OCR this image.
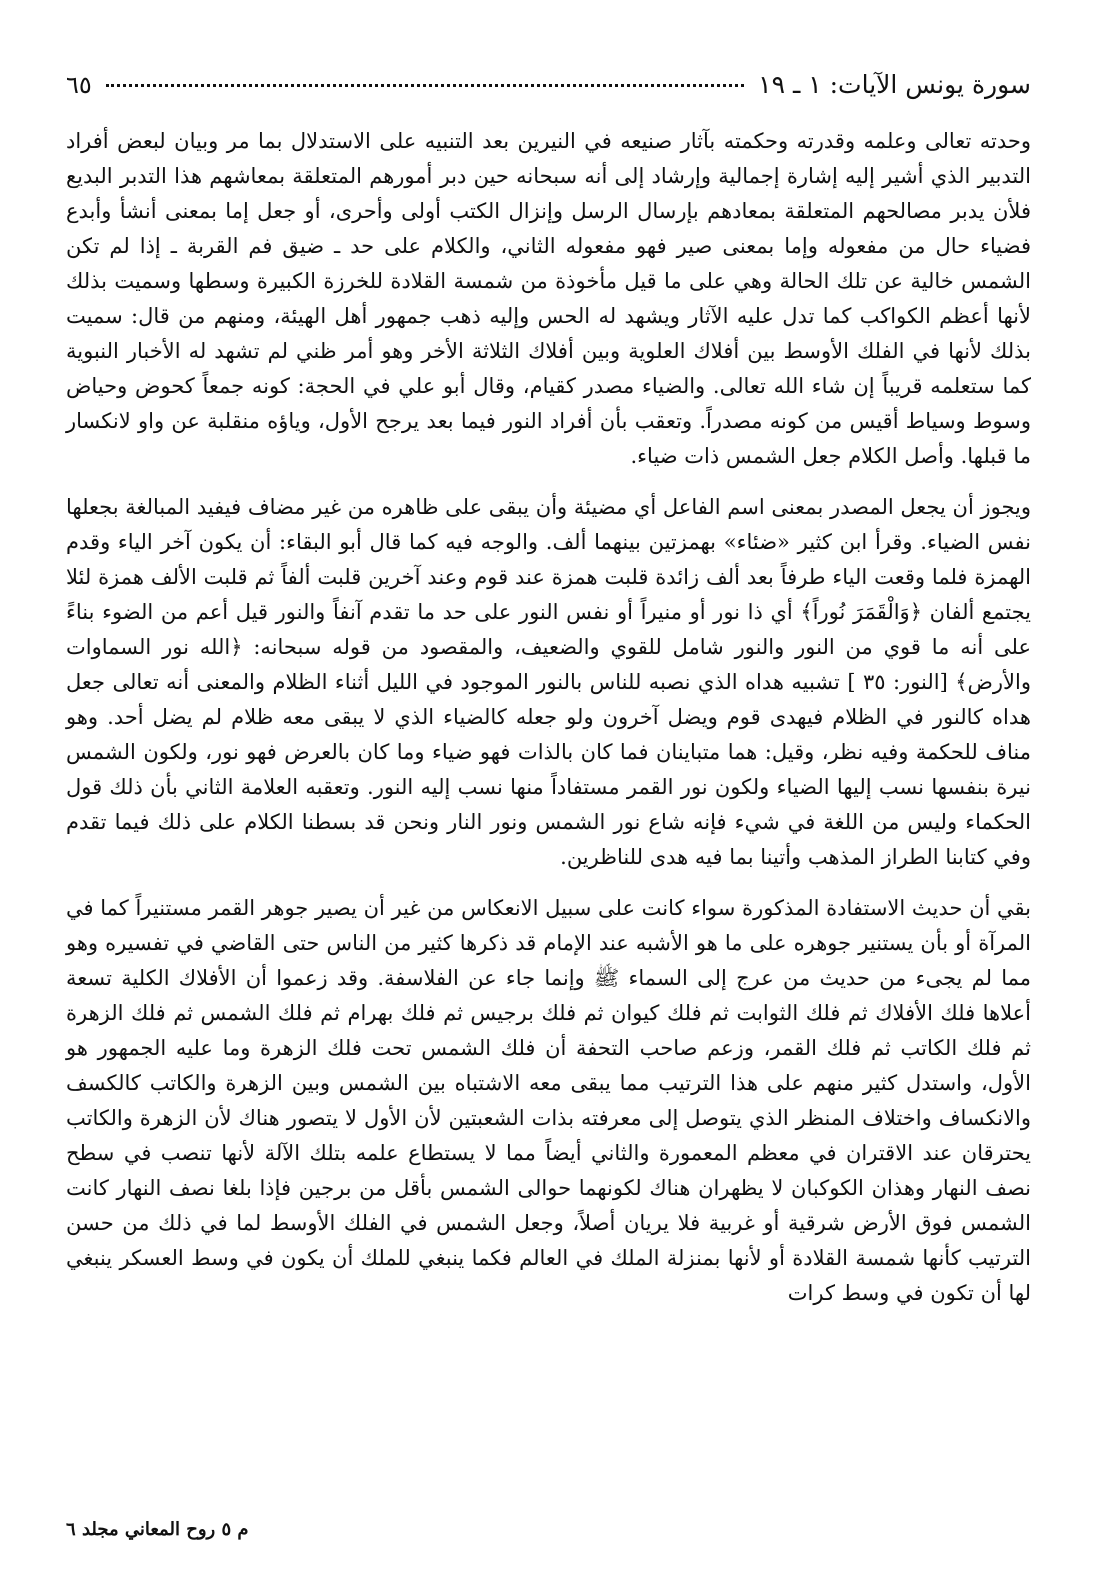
سورة يونس الآيات: ١ ـ ١٩
٦٥

وحدته تعالى وعلمه وقدرته وحكمته بآثار صنيعه في النيرين بعد التنبيه على الاستدلال بما مر وبيان لبعض أفراد التدبير الذي أشير إليه إشارة إجمالية وإرشاد إلى أنه سبحانه حين دبر أمورهم المتعلقة بمعاشهم هذا التدبر البديع فلأن يدبر مصالحهم المتعلقة بمعادهم بإرسال الرسل وإنزال الكتب أولى وأحرى، أو جعل إما بمعنى أنشأ وأبدع فضياء حال من مفعوله وإما بمعنى صير فهو مفعوله الثاني، والكلام على حد ـ ضيق فم القربة ـ إذا لم تكن الشمس خالية عن تلك الحالة وهي على ما قيل مأخوذة من شمسة القلادة للخرزة الكبيرة وسطها وسميت بذلك لأنها أعظم الكواكب كما تدل عليه الآثار ويشهد له الحس وإليه ذهب جمهور أهل الهيئة، ومنهم من قال: سميت بذلك لأنها في الفلك الأوسط بين أفلاك العلوية وبين أفلاك الثلاثة الأخر وهو أمر ظني لم تشهد له الأخبار النبوية كما ستعلمه قريباً إن شاء الله تعالى. والضياء مصدر كقيام، وقال أبو علي في الحجة: كونه جمعاً كحوض وحياض وسوط وسياط أقيس من كونه مصدراً. وتعقب بأن أفراد النور فيما بعد يرجح الأول، وياؤه منقلبة عن واو لانكسار ما قبلها. وأصل الكلام جعل الشمس ذات ضياء.

ويجوز أن يجعل المصدر بمعنى اسم الفاعل أي مضيئة وأن يبقى على ظاهره من غير مضاف فيفيد المبالغة بجعلها نفس الضياء. وقرأ ابن كثير «ضئاء» بهمزتين بينهما ألف. والوجه فيه كما قال أبو البقاء: أن يكون آخر الياء وقدم الهمزة فلما وقعت الياء طرفاً بعد ألف زائدة قلبت همزة عند قوم وعند آخرين قلبت ألفاً ثم قلبت الألف همزة لئلا يجتمع ألفان ﴿وَالْقَمَرَ نُوراً﴾ أي ذا نور أو منيراً أو نفس النور على حد ما تقدم آنفاً والنور قيل أعم من الضوء بناءً على أنه ما قوي من النور والنور شامل للقوي والضعيف، والمقصود من قوله سبحانه: ﴿الله نور السماوات والأرض﴾ [النور: ٣٥ ] تشبيه هداه الذي نصبه للناس بالنور الموجود في الليل أثناء الظلام والمعنى أنه تعالى جعل هداه كالنور في الظلام فيهدى قوم ويضل آخرون ولو جعله كالضياء الذي لا يبقى معه ظلام لم يضل أحد. وهو مناف للحكمة وفيه نظر، وقيل: هما متباينان فما كان بالذات فهو ضياء وما كان بالعرض فهو نور، ولكون الشمس نيرة بنفسها نسب إليها الضياء ولكون نور القمر مستفاداً منها نسب إليه النور. وتعقبه العلامة الثاني بأن ذلك قول الحكماء وليس من اللغة في شيء فإنه شاع نور الشمس ونور النار ونحن قد بسطنا الكلام على ذلك فيما تقدم وفي كتابنا الطراز المذهب وأتينا بما فيه هدى للناظرين.

بقي أن حديث الاستفادة المذكورة سواء كانت على سبيل الانعكاس من غير أن يصير جوهر القمر مستنيراً كما في المرآة أو بأن يستنير جوهره على ما هو الأشبه عند الإمام قد ذكرها كثير من الناس حتى القاضي في تفسيره وهو مما لم يجىء من حديث من عرج إلى السماء ﷺ وإنما جاء عن الفلاسفة. وقد زعموا أن الأفلاك الكلية تسعة أعلاها فلك الأفلاك ثم فلك الثوابت ثم فلك كيوان ثم فلك برجيس ثم فلك بهرام ثم فلك الشمس ثم فلك الزهرة ثم فلك الكاتب ثم فلك القمر، وزعم صاحب التحفة أن فلك الشمس تحت فلك الزهرة وما عليه الجمهور هو الأول، واستدل كثير منهم على هذا الترتيب مما يبقى معه الاشتباه بين الشمس وبين الزهرة والكاتب كالكسف والانكساف واختلاف المنظر الذي يتوصل إلى معرفته بذات الشعبتين لأن الأول لا يتصور هناك لأن الزهرة والكاتب يحترقان عند الاقتران في معظم المعمورة والثاني أيضاً مما لا يستطاع علمه بتلك الآلة لأنها تنصب في سطح نصف النهار وهذان الكوكبان لا يظهران هناك لكونهما حوالى الشمس بأقل من برجين فإذا بلغا نصف النهار كانت الشمس فوق الأرض شرقية أو غربية فلا يريان أصلاً، وجعل الشمس في الفلك الأوسط لما في ذلك من حسن الترتيب كأنها شمسة القلادة أو لأنها بمنزلة الملك في العالم فكما ينبغي للملك أن يكون في وسط العسكر ينبغي لها أن تكون في وسط كرات

م ٥ روح المعاني مجلد ٦
